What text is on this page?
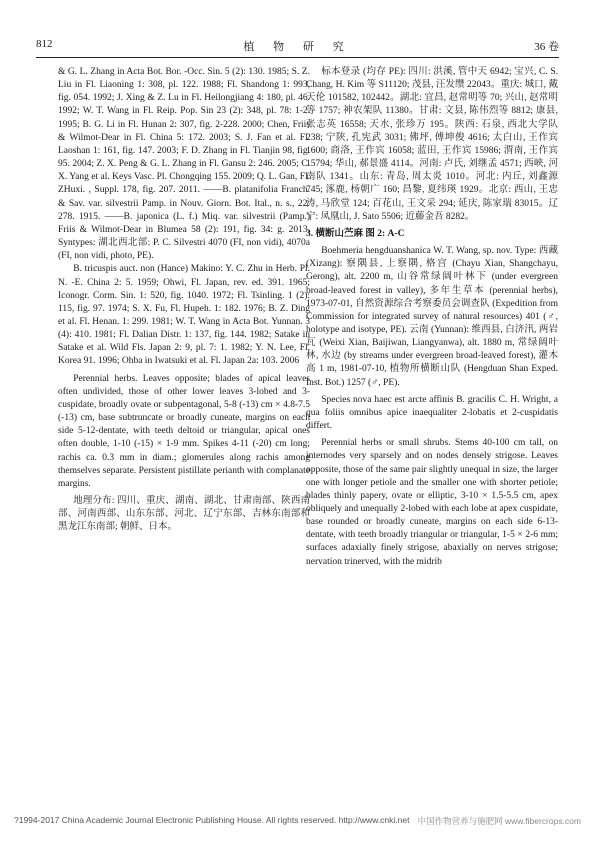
812	植 物 研 究	36 卷

& G. L. Zhang in Acta Bot. Bor. -Occ. Sin. 5 (2): 130. 1985; S. Z. Liu in Fl. Liaoning 1: 308, pl. 122. 1988; Fl. Shandong 1: 993, fig. 054. 1992; J. Xing & Z. Lu in Fl. Heilongjiang 4: 180, pl. 46. 1992; W. T. Wang in Fl. Reip. Pop. Sin 23 (2): 348, pl. 78: 1-2. 1995; B. G. Li in Fl. Hunan 2: 307, fig. 2-228. 2000; Chen, Friis & Wilmot-Dear in Fl. China 5: 172. 2003; S. J. Fan et al. Fl. Laoshan 1: 161, fig. 147. 2003; F. D. Zhang in Fl. Tianjin 98, fig. 95. 2004; Z. X. Peng & G. L. Zhang in Fl. Gansu 2: 246. 2005; C. X. Yang et al. Keys Vasc. Pl. Chongqing 155. 2009; Q. L. Gan, Fl. ZHuxi. , Suppl. 178, fig. 207. 2011. ——B. platanifolia Franch. & Sav. var. silvestrii Pamp. in Nouv. Giorn. Bot. Ital., n. s., 22: 278. 1915. ——B. japonica (L. f.) Miq. var. silvestrii (Pamp.) Friis & Wilmot-Dear in Blumea 58 (2): 191, fig. 34: g. 2013. Syntypes: 湖北西北部: P. C. Silvestri 4070 (FI, non vidi), 4070a (FI, non vidi, photo, PE).

B. tricuspis auct. non (Hance) Makino: Y. C. Zhu in Herb. Pl. N. -E. China 2: 5. 1959; Ohwi, Fl. Japan, rev. ed. 391. 1965; Iconogr. Corm. Sin. 1: 520, fig. 1040. 1972; Fl. Tsinling. 1 (2): 115, fig. 97. 1974; S. X. Fu, Fl. Hupeh. 1: 182. 1976; B. Z. Ding et al. Fl. Henan. 1: 299. 1981; W. T. Wang in Acta Bot. Yunnan. 3 (4): 410. 1981; Fl. Dalian Distr. 1: 137, fig. 144. 1982; Satake in Satake et al. Wild Fls. Japan 2: 9, pl. 7: 1. 1982; Y. N. Lee, Fl. Korea 91. 1996; Ohba in Iwatsuki et al. Fl. Japan 2a: 103. 2006

Perennial herbs. Leaves opposite; blades of apical leaves often undivided, those of other lower leaves 3-lobed and 3-cuspidate, broadly ovate or subpentagonal, 5-8 (-13) cm × 4.8-7.5 (-13) cm, base subtruncate or broadly cuneate, margins on each side 5-12-dentate, with teeth deltoid or triangular, apical ones often double, 1-10 (-15) × 1-9 mm. Spikes 4-11 (-20) cm long; rachis ca. 0.3 mm in diam.; glomerules along rachis among themselves separate. Persistent pistillate perianth with complanate margins.

地理分布: 四川、重庆、湖南、湖北、甘肃南部、陕西南部、河南西部、山东东部、河北、辽宁东部、吉林东南部和黑龙江东南部; 朝鲜、日本。

标本登录 (均存 PE): 四川: 洪溪, 管中天 6942; 宝兴, C. S. Chang, H. Kim 等 S11120; 茂县, 汪发缵 22043。重庆: 城口, 戴天伦 101582, 102442。湖北: 宜昌, 赵常明等 70; 兴山, 赵常明等 1757; 神农架队 11380。甘肃: 文县, 陈伟烈等 8812; 康县, 张志英 16558; 天水, 张珍万 195。陕西: 石泉, 西北大学队 238; 宁陕, 孔宪武 3031; 佛坪, 傅坤俊 4616; 太白山, 王作宾 1600; 商洛, 王作宾 16058; 蓝田, 王作宾 15986; 渭南, 王作宾 15794; 华山, 郝景盛 4114。河南: 卢氏, 刘继孟 4571; 西峡, 河南队 1341。山东: 青岛, 周太炎 1010。河北: 内丘, 刘鑫源 745; 涿鹿, 杨朝广 160; 昌黎, 夏纬瑛 1929。北京: 西山, 王忠涛, 马欣堂 124; 百花山, 王文采 294; 延庆, 陈家瑞 83015。辽宁: 凤凰山, J. Sato 5506; 近藤金吾 8282。

3. 横断山苎麻 图 2: A-C

Boehmeria hengduanshanica W. T. Wang, sp. nov. Type: 西藏 (Xizang): 察隅县, 上察隅, 格宫 (Chayu Xian, Shangchayu, Gerong), alt. 2200 m, 山谷常绿阔叶林下 (under evergreen broad-leaved forest in valley), 多年生草本 (perennial herbs), 1973-07-01, 自然资源综合考察委员会调查队 (Expedition from Commission for integrated survey of natural resources) 401 (♂, holotype and isotype, PE). 云南 (Yunnan): 维西县, 白济汛, 两岩瓦 (Weixi Xian, Baijiwan, Liangyanwa), alt. 1880 m, 常绿阔叶林, 水边 (by streams under evergreen broad-leaved forest), 灌木高 1 m, 1981-07-10, 植物所横断山队 (Hengduan Shan Exped. Inst. Bot.) 1257 (♂, PE).

Species nova haec est arcte affinis B. gracilis C. H. Wright, a qua foliis omnibus apice inaequaliter 2-lobatis et 2-cuspidatis differt.

Perennial herbs or small shrubs. Stems 40-100 cm tall, on internodes very sparsely and on nodes densely strigose. Leaves opposite, those of the same pair slightly unequal in size, the larger one with longer petiole and the smaller one with shorter petiole; blades thinly papery, ovate or elliptic, 3-10 × 1.5-5.5 cm, apex obliquely and unequally 2-lobed with each lobe at apex cuspidate, base rounded or broadly cuneate, margins on each side 6-13-dentate, with teeth broadly triangular or triangular, 1-5 × 2-6 mm; surfaces adaxially finely strigose, abaxially on nerves strigose; nervation trinerved, with the midrib

?1994-2017 China Academic Journal Electronic Publishing House. All rights reserved. http://www.cnki.net 中国作物营养与施肥网 www.fibercrops.com
